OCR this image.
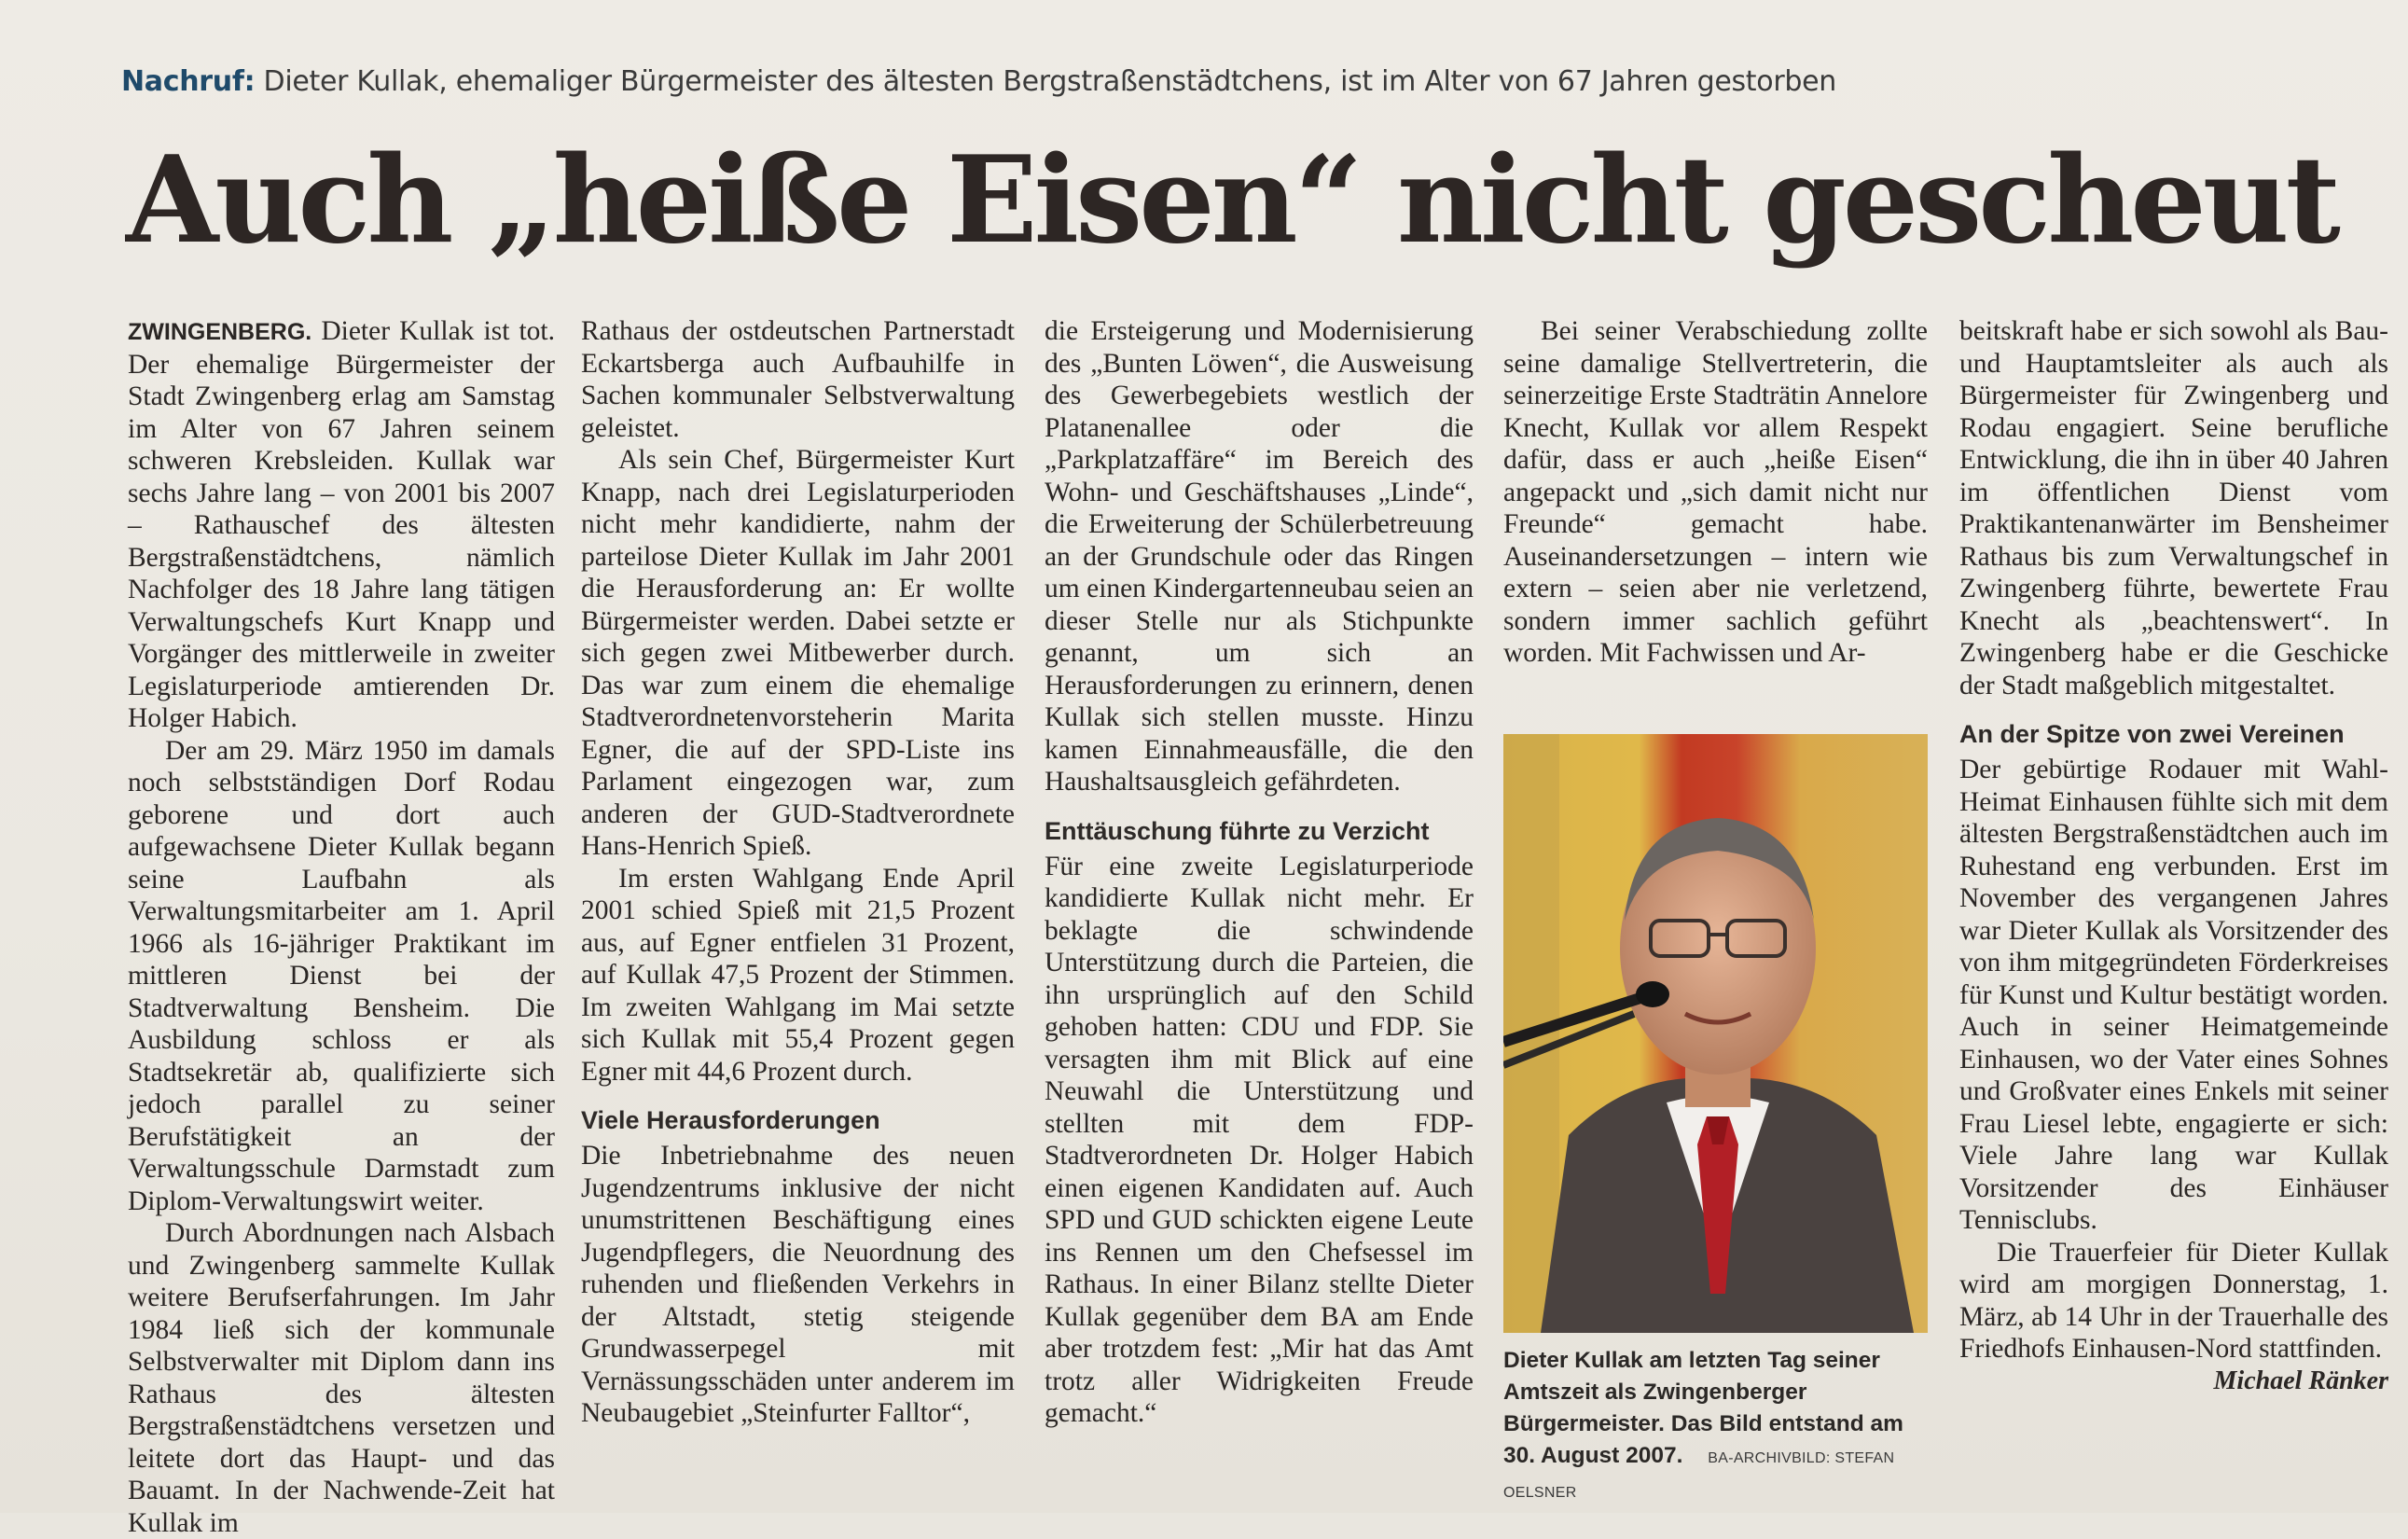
Nachruf: Dieter Kullak, ehemaliger Bürgermeister des ältesten Bergstraßenstädtchens, ist im Alter von 67 Jahren gestorben
Auch „heiße Eisen“ nicht gescheut

ZWINGENBERG. Dieter Kullak ist tot. Der ehemalige Bürgermeister der Stadt Zwingenberg erlag am Samstag im Alter von 67 Jahren seinem schweren Krebsleiden. Kullak war sechs Jahre lang – von 2001 bis 2007 – Rathauschef des ältesten Bergstraßenstädtchens, nämlich Nachfolger des 18 Jahre lang tätigen Verwaltungschefs Kurt Knapp und Vorgänger des mittlerweile in zweiter Legislaturperiode amtierenden Dr. Holger Habich.

Der am 29. März 1950 im damals noch selbstständigen Dorf Rodau geborene und dort auch aufgewachsene Dieter Kullak begann seine Laufbahn als Verwaltungsmitarbeiter am 1. April 1966 als 16-jähriger Praktikant im mittleren Dienst bei der Stadtverwaltung Bensheim. Die Ausbildung schloss er als Stadtsekretär ab, qualifizierte sich jedoch parallel zu seiner Berufstätigkeit an der Verwaltungsschule Darmstadt zum Diplom-Verwaltungswirt weiter.

Durch Abordnungen nach Alsbach und Zwingenberg sammelte Kullak weitere Berufserfahrungen. Im Jahr 1984 ließ sich der kommunale Selbstverwalter mit Diplom dann ins Rathaus des ältesten Bergstraßenstädtchens versetzen und leitete dort das Haupt- und das Bauamt. In der Nachwende-Zeit hat Kullak im

Rathaus der ostdeutschen Partnerstadt Eckartsberga auch Aufbauhilfe in Sachen kommunaler Selbstverwaltung geleistet.

Als sein Chef, Bürgermeister Kurt Knapp, nach drei Legislaturperioden nicht mehr kandidierte, nahm der parteilose Dieter Kullak im Jahr 2001 die Herausforderung an: Er wollte Bürgermeister werden. Dabei setzte er sich gegen zwei Mitbewerber durch. Das war zum einem die ehemalige Stadtverordnetenvorsteherin Marita Egner, die auf der SPD-Liste ins Parlament eingezogen war, zum anderen der GUD-Stadtverordnete Hans-Henrich Spieß.

Im ersten Wahlgang Ende April 2001 schied Spieß mit 21,5 Prozent aus, auf Egner entfielen 31 Prozent, auf Kullak 47,5 Prozent der Stimmen. Im zweiten Wahlgang im Mai setzte sich Kullak mit 55,4 Prozent gegen Egner mit 44,6 Prozent durch.

Viele Herausforderungen

Die Inbetriebnahme des neuen Jugendzentrums inklusive der nicht unumstrittenen Beschäftigung eines Jugendpflegers, die Neuordnung des ruhenden und fließenden Verkehrs in der Altstadt, stetig steigende Grundwasserpegel mit Vernässungsschäden unter anderem im Neubaugebiet „Steinfurter Falltor“,

die Ersteigerung und Modernisierung des „Bunten Löwen“, die Ausweisung des Gewerbegebiets westlich der Platanenallee oder die „Parkplatzaffäre“ im Bereich des Wohn- und Geschäftshauses „Linde“, die Erweiterung der Schülerbetreuung an der Grundschule oder das Ringen um einen Kindergartenneubau seien an dieser Stelle nur als Stichpunkte genannt, um sich an Herausforderungen zu erinnern, denen Kullak sich stellen musste. Hinzu kamen Einnahmeausfälle, die den Haushaltsausgleich gefährdeten.

Enttäuschung führte zu Verzicht

Für eine zweite Legislaturperiode kandidierte Kullak nicht mehr. Er beklagte die schwindende Unterstützung durch die Parteien, die ihn ursprünglich auf den Schild gehoben hatten: CDU und FDP. Sie versagten ihm mit Blick auf eine Neuwahl die Unterstützung und stellten mit dem FDP-Stadtverordneten Dr. Holger Habich einen eigenen Kandidaten auf. Auch SPD und GUD schickten eigene Leute ins Rennen um den Chefsessel im Rathaus. In einer Bilanz stellte Dieter Kullak gegenüber dem BA am Ende aber trotzdem fest: „Mir hat das Amt trotz aller Widrigkeiten Freude gemacht.“

Bei seiner Verabschiedung zollte seine damalige Stellvertreterin, die seinerzeitige Erste Stadträtin Annelore Knecht, Kullak vor allem Respekt dafür, dass er auch „heiße Eisen“ angepackt und „sich damit nicht nur Freunde“ gemacht habe. Auseinandersetzungen – intern wie extern – seien aber nie verletzend, sondern immer sachlich geführt worden. Mit Fachwissen und Ar-

Dieter Kullak am letzten Tag seiner Amtszeit als Zwingenberger Bürgermeister. Das Bild entstand am 30. August 2007. BA-ARCHIVBILD: STEFAN OELSNER

beitskraft habe er sich sowohl als Bau- und Hauptamtsleiter als auch als Bürgermeister für Zwingenberg und Rodau engagiert. Seine berufliche Entwicklung, die ihn in über 40 Jahren im öffentlichen Dienst vom Praktikantenanwärter im Bensheimer Rathaus bis zum Verwaltungschef in Zwingenberg führte, bewertete Frau Knecht als „beachtenswert“. In Zwingenberg habe er die Geschicke der Stadt maßgeblich mitgestaltet.

An der Spitze von zwei Vereinen

Der gebürtige Rodauer mit Wahl-Heimat Einhausen fühlte sich mit dem ältesten Bergstraßenstädtchen auch im Ruhestand eng verbunden. Erst im November des vergangenen Jahres war Dieter Kullak als Vorsitzender des von ihm mitgegründeten Förderkreises für Kunst und Kultur bestätigt worden. Auch in seiner Heimatgemeinde Einhausen, wo der Vater eines Sohnes und Großvater eines Enkels mit seiner Frau Liesel lebte, engagierte er sich: Viele Jahre lang war Kullak Vorsitzender des Einhäuser Tennisclubs.

Die Trauerfeier für Dieter Kullak wird am morgigen Donnerstag, 1. März, ab 14 Uhr in der Trauerhalle des Friedhofs Einhausen-Nord stattfinden.
Michael Ränker
